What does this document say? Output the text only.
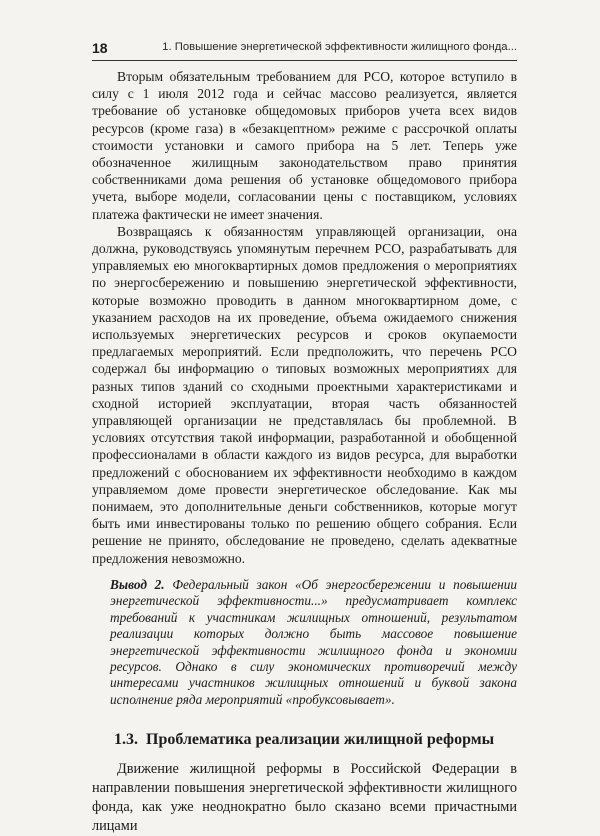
18	1. Повышение энергетической эффективности жилищного фонда...

Вторым обязательным требованием для РСО, которое вступило в силу с 1 июля 2012 года и сейчас массово реализуется, является требование об установке общедомовых приборов учета всех видов ресурсов (кроме газа) в «безакцептном» режиме с рассрочкой оплаты стоимости установки и самого прибора на 5 лет. Теперь уже обозначенное жилищным законодательством право принятия собственниками дома решения об установке общедомового прибора учета, выборе модели, согласовании цены с поставщиком, условиях платежа фактически не имеет значения.

Возвращаясь к обязанностям управляющей организации, она должна, руководствуясь упомянутым перечнем РСО, разрабатывать для управляемых ею многоквартирных домов предложения о мероприятиях по энергосбережению и повышению энергетической эффективности, которые возможно проводить в данном многоквартирном доме, с указанием расходов на их проведение, объема ожидаемого снижения используемых энергетических ресурсов и сроков окупаемости предлагаемых мероприятий. Если предположить, что перечень РСО содержал бы информацию о типовых возможных мероприятиях для разных типов зданий со сходными проектными характеристиками и сходной историей эксплуатации, вторая часть обязанностей управляющей организации не представлялась бы проблемной. В условиях отсутствия такой информации, разработанной и обобщенной профессионалами в области каждого из видов ресурса, для выработки предложений с обоснованием их эффективности необходимо в каждом управляемом доме провести энергетическое обследование. Как мы понимаем, это дополнительные деньги собственников, которые могут быть ими инвестированы только по решению общего собрания. Если решение не принято, обследование не проведено, сделать адекватные предложения невозможно.

Вывод 2. Федеральный закон «Об энергосбережении и повышении энергетической эффективности...» предусматривает комплекс требований к участникам жилищных отношений, результатом реализации которых должно быть массовое повышение энергетической эффективности жилищного фонда и экономии ресурсов. Однако в силу экономических противоречий между интересами участников жилищных отношений и буквой закона исполнение ряда мероприятий «пробуксовывает».
1.3. Проблематика реализации жилищной реформы

Движение жилищной реформы в Российской Федерации в направлении повышения энергетической эффективности жилищного фонда, как уже неоднократно было сказано всеми причастными лицами
